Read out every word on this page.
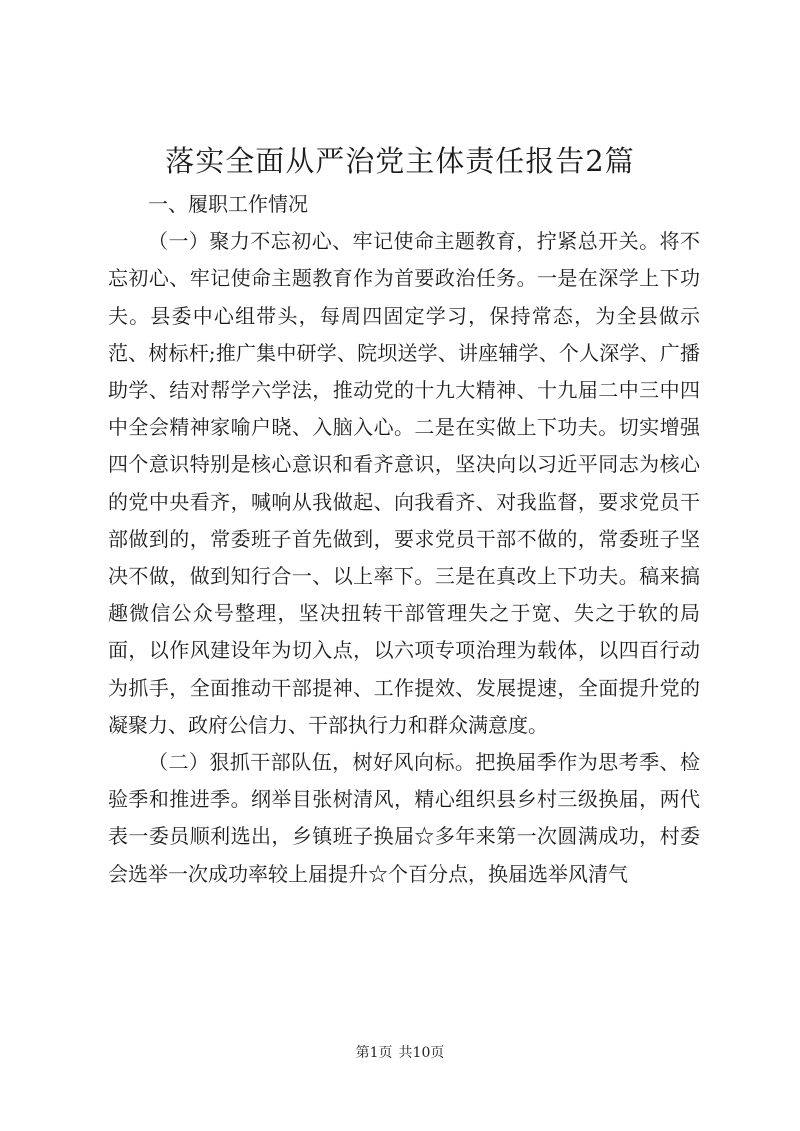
落实全面从严治党主体责任报告2篇

一、履职工作情况

（一）聚力不忘初心、牢记使命主题教育，拧紧总开关。将不忘初心、牢记使命主题教育作为首要政治任务。一是在深学上下功夫。县委中心组带头，每周四固定学习，保持常态，为全县做示范、树标杆;推广集中研学、院坝送学、讲座辅学、个人深学、广播助学、结对帮学六学法，推动党的十九大精神、十九届二中三中四中全会精神家喻户晓、入脑入心。二是在实做上下功夫。切实增强四个意识特别是核心意识和看齐意识，坚决向以习近平同志为核心的党中央看齐，喊响从我做起、向我看齐、对我监督，要求党员干部做到的，常委班子首先做到，要求党员干部不做的，常委班子坚决不做，做到知行合一、以上率下。三是在真改上下功夫。稿来搞趣微信公众号整理，坚决扭转干部管理失之于宽、失之于软的局面，以作风建设年为切入点，以六项专项治理为载体，以四百行动为抓手，全面推动干部提神、工作提效、发展提速，全面提升党的凝聚力、政府公信力、干部执行力和群众满意度。

（二）狠抓干部队伍，树好风向标。把换届季作为思考季、检验季和推进季。纲举目张树清风，精心组织县乡村三级换届，两代表一委员顺利选出，乡镇班子换届☆多年来第一次圆满成功，村委会选举一次成功率较上届提升☆个百分点，换届选举风清气

第1页 共10页
